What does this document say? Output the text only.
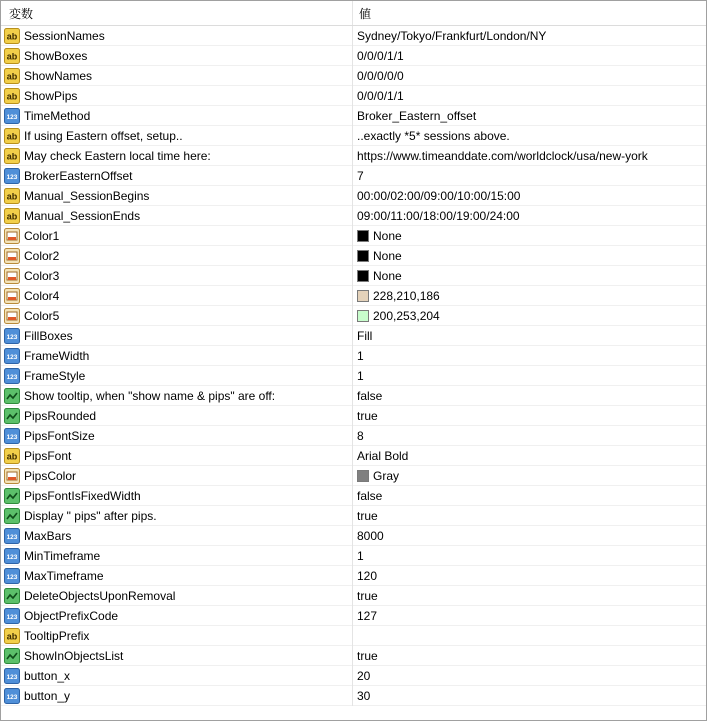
変数	値
ab SessionNames	Sydney/Tokyo/Frankfurt/London/NY
ab ShowBoxes	0/0/0/1/1
ab ShowNames	0/0/0/0/0
ab ShowPips	0/0/0/1/1
123 TimeMethod	Broker_Eastern_offset
ab If using Eastern offset, setup..	..exactly *5* sessions above.
ab May check Eastern local time here:	https://www.timeanddate.com/worldclock/usa/new-york
123 BrokerEasternOffset	7
ab Manual_SessionBegins	00:00/02:00/09:00/10:00/15:00
ab Manual_SessionEnds	09:00/11:00/18:00/19:00/24:00
Color1	None
Color2	None
Color3	None
Color4	228,210,186
Color5	200,253,204
123 FillBoxes	Fill
123 FrameWidth	1
123 FrameStyle	1
Show tooltip, when "show name & pips" are off:	false
PipsRounded	true
123 PipsFontSize	8
ab PipsFont	Arial Bold
PipsColor	Gray
PipsFontIsFixedWidth	false
Display " pips" after pips.	true
123 MaxBars	8000
123 MinTimeframe	1
123 MaxTimeframe	120
DeleteObjectsUponRemoval	true
123 ObjectPrefixCode	127
ab TooltipPrefix
ShowInObjectsList	true
123 button_x	20
123 button_y	30
